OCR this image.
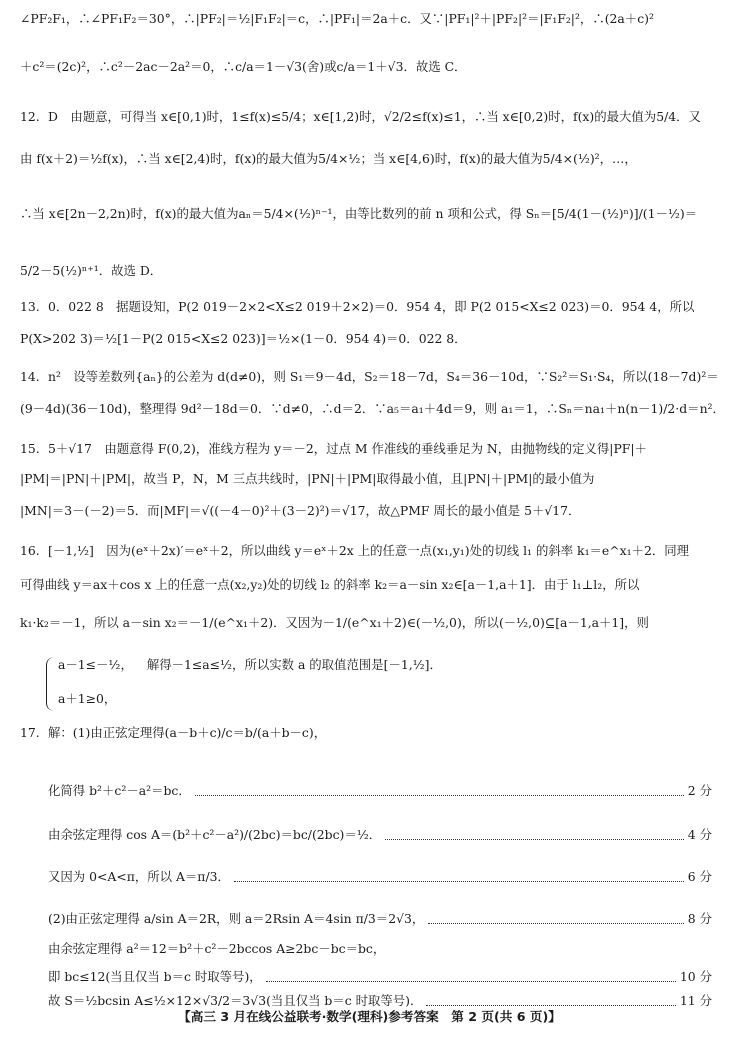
∠PF₂F₁，∴∠PF₁F₂＝30°，∴|PF₂|＝½|F₁F₂|＝c，∴|PF₁|＝2a＋c．又∵|PF₁|²＋|PF₂|²＝|F₁F₂|²，∴(2a＋c)²
＋c²＝(2c)²，∴c²－2ac－2a²＝0，∴c/a＝1－√3(舍)或c/a＝1＋√3．故选 C．
12. D　由题意，可得当 x∈[0,1)时，1≤f(x)≤5/4；x∈[1,2)时，√2/2≤f(x)≤1，∴当 x∈[0,2)时，f(x)的最大值为5/4．又
由 f(x＋2)＝½f(x)，∴当 x∈[2,4)时，f(x)的最大值为5/4×½；当 x∈[4,6)时，f(x)的最大值为5/4×(½)²，…，
∴当 x∈[2n－2,2n)时，f(x)的最大值为aₙ＝5/4×(½)ⁿ⁻¹，由等比数列的前 n 项和公式，得 Sₙ＝[5/4(1－(½)ⁿ)]/(1－½)＝
5/2－5(½)ⁿ⁺¹．故选 D．
13. 0．022 8　据题设知，P(2 019－2×2<X≤2 019＋2×2)＝0．954 4，即 P(2 015<X≤2 023)＝0．954 4，所以
P(X>202 3)＝½[1－P(2 015<X≤2 023)]＝½×(1－0．954 4)＝0．022 8．
14. n²　设等差数列{aₙ}的公差为 d(d≠0)，则 S₁＝9－4d，S₂＝18－7d，S₄＝36－10d，∵S₂²＝S₁·S₄，所以(18－7d)²＝
(9－4d)(36－10d)，整理得 9d²－18d＝0．∵d≠0，∴d＝2．∵a₅＝a₁＋4d＝9，则 a₁＝1，∴Sₙ＝na₁＋n(n－1)/2·d＝n²．
15. 5＋√17　由题意得 F(0,2)，准线方程为 y＝－2，过点 M 作准线的垂线垂足为 N，由抛物线的定义得|PF|＋
|PM|＝|PN|＋|PM|，故当 P，N，M 三点共线时，|PN|＋|PM|取得最小值，且|PN|＋|PM|的最小值为
|MN|＝3－(－2)＝5．而|MF|＝√((－4－0)²＋(3－2)²)＝√17，故△PMF 周长的最小值是 5＋√17．
16. [－1,½]　因为(eˣ＋2x)′＝eˣ＋2，所以曲线 y＝eˣ＋2x 上的任意一点(x₁,y₁)处的切线 l₁ 的斜率 k₁＝e^x₁＋2．同理
可得曲线 y＝ax＋cos x 上的任意一点(x₂,y₂)处的切线 l₂ 的斜率 k₂＝a－sin x₂∈[a－1,a＋1]．由于 l₁⊥l₂，所以
k₁·k₂＝－1，所以 a－sin x₂＝－1/(e^x₁＋2)．又因为－1/(e^x₁＋2)∈(－½,0)，所以(－½,0)⊆[a－1,a＋1]，则
a－1≤－½， 解得－1≤a≤½，所以实数 a 的取值范围是[－1,½]．
a＋1≥0，
17. 解：(1)由正弦定理得(a－b＋c)/c＝b/(a＋b－c)，
化简得 b²＋c²－a²＝bc．	2 分
由余弦定理得 cos A＝(b²＋c²－a²)/(2bc)＝bc/(2bc)＝½．	4 分
又因为 0<A<π，所以 A＝π/3．	6 分
(2)由正弦定理得 a/sin A＝2R，则 a＝2Rsin A＝4sin π/3＝2√3，	8 分
由余弦定理得 a²＝12＝b²＋c²－2bccos A≥2bc－bc＝bc，
即 bc≤12(当且仅当 b＝c 时取等号)，	10 分
故 S＝½bcsin A≤½×12×√3/2＝3√3(当且仅当 b＝c 时取等号)．	11 分
【高三 3 月在线公益联考·数学(理科)参考答案　第 2 页(共 6 页)】
